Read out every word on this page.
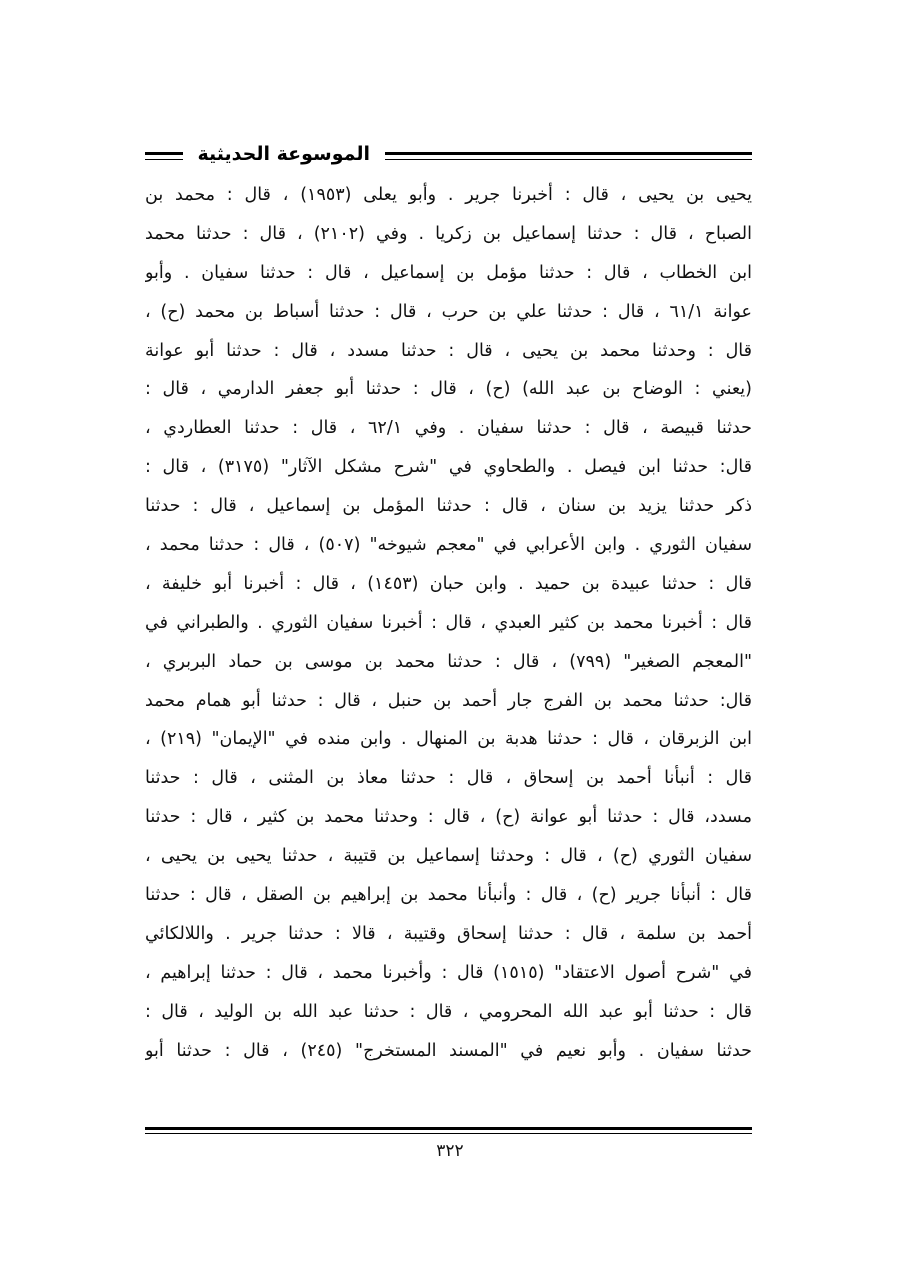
الموسوعة الحديثية
يحيى بن يحيى ، قال : أخبرنا جرير . وأبو يعلى (١٩٥٣) ، قال : محمد بن
الصباح ، قال : حدثنا إسماعيل بن زكريا . وفي (٢١٠٢) ، قال : حدثنا محمد
ابن الخطاب ، قال : حدثنا مؤمل بن إسماعيل ، قال : حدثنا سفيان . وأبو
عوانة ٦١/١ ، قال : حدثنا علي بن حرب ، قال : حدثنا أسباط بن محمد (ح) ،
قال : وحدثنا محمد بن يحيى ، قال : حدثنا مسدد ، قال : حدثنا أبو عوانة
(يعني : الوضاح بن عبد الله) (ح) ، قال : حدثنا أبو جعفر الدارمي ، قال :
حدثنا قبيصة ، قال : حدثنا سفيان . وفي ٦٢/١ ، قال : حدثنا العطاردي ،
قال: حدثنا ابن فيصل . والطحاوي في "شرح مشكل الآثار" (٣١٧٥) ، قال :
ذكر حدثنا يزيد بن سنان ، قال : حدثنا المؤمل بن إسماعيل ، قال : حدثنا
سفيان الثوري . وابن الأعرابي في "معجم شيوخه" (٥٠٧) ، قال : حدثنا محمد ،
قال : حدثنا عبيدة بن حميد . وابن حبان (١٤٥٣) ، قال : أخبرنا أبو خليفة ،
قال : أخبرنا محمد بن كثير العبدي ، قال : أخبرنا سفيان الثوري . والطبراني في
"المعجم الصغير" (٧٩٩) ، قال : حدثنا محمد بن موسى بن حماد البربري ،
قال: حدثنا محمد بن الفرج جار أحمد بن حنبل ، قال : حدثنا أبو همام محمد
ابن الزبرقان ، قال : حدثنا هدبة بن المنهال . وابن منده في "الإيمان" (٢١٩) ،
قال : أنبأنا أحمد بن إسحاق ، قال : حدثنا معاذ بن المثنى ، قال : حدثنا
مسدد، قال : حدثنا أبو عوانة (ح) ، قال : وحدثنا محمد بن كثير ، قال : حدثنا
سفيان الثوري (ح) ، قال : وحدثنا إسماعيل بن قتيبة ، حدثنا يحيى بن يحيى ،
قال : أنبأنا جرير (ح) ، قال : وأنبأنا محمد بن إبراهيم بن الصقل ، قال : حدثنا
أحمد بن سلمة ، قال : حدثنا إسحاق وقتيبة ، قالا : حدثنا جرير . واللالكائي
في "شرح أصول الاعتقاد" (١٥١٥) قال : وأخبرنا محمد ، قال : حدثنا إبراهيم ،
قال : حدثنا أبو عبد الله المحرومي ، قال : حدثنا عبد الله بن الوليد ، قال :
حدثنا سفيان . وأبو نعيم في "المسند المستخرج" (٢٤٥) ، قال : حدثنا أبو
٣٢٢
